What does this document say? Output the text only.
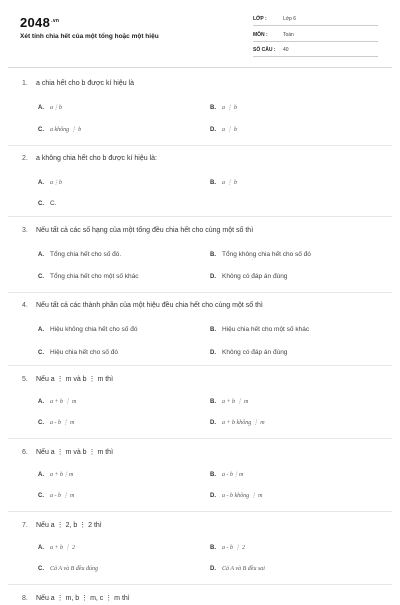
$2048^{.vn}$
Xét tính chia hết của một tổng hoặc một hiệu
LỚP :	Lớp 6
MÔN :	Toán
SỐ CÂU : 40
1. a chia hết cho b được kí hiệu là
A. a⋮b	B. a ⋮ b
C. a không ⋮ b	D. a ⋮ b
2. a không chia hết cho b được kí hiệu là:
A. a⋮b	B. a ⋮ b
C. C.
3. Nếu tất cả các số hạng của một tổng đều chia hết cho cùng một số thì
A. Tổng chia hết cho số đó.	B. Tổng không chia hết cho số đó
C. Tổng chia hết cho một số khác	D. Không có đáp án đúng
4. Nếu tất cả các thành phần của một hiệu đều chia hết cho cùng một số thì
A. Hiệu không chia hết cho số đó	B. Hiệu chia hết cho một số khác
C. Hiệu chia hết cho số đó	D. Không có đáp án đúng
5. Nếu a ⋮ m và b ⋮ m thì
A. a + b ⋮ m	B. a + b ⋮ m
C. a - b ⋮ m	D. a + b không ⋮ m
6. Nếu a ⋮ m và b ⋮ m thì
A. a + b⋮m	B. a - b⋮m
C. a - b ⋮ m	D. a - b không ⋮ m
7. Nếu a ⋮ 2, b ⋮ 2 thì
A. a + b ⋮ 2	B. a - b ⋮ 2
C. Cả A và B đều đúng	D. Cả A và B đều sai
8. Nếu a ⋮ m, b ⋮ m, c ⋮ m thì
